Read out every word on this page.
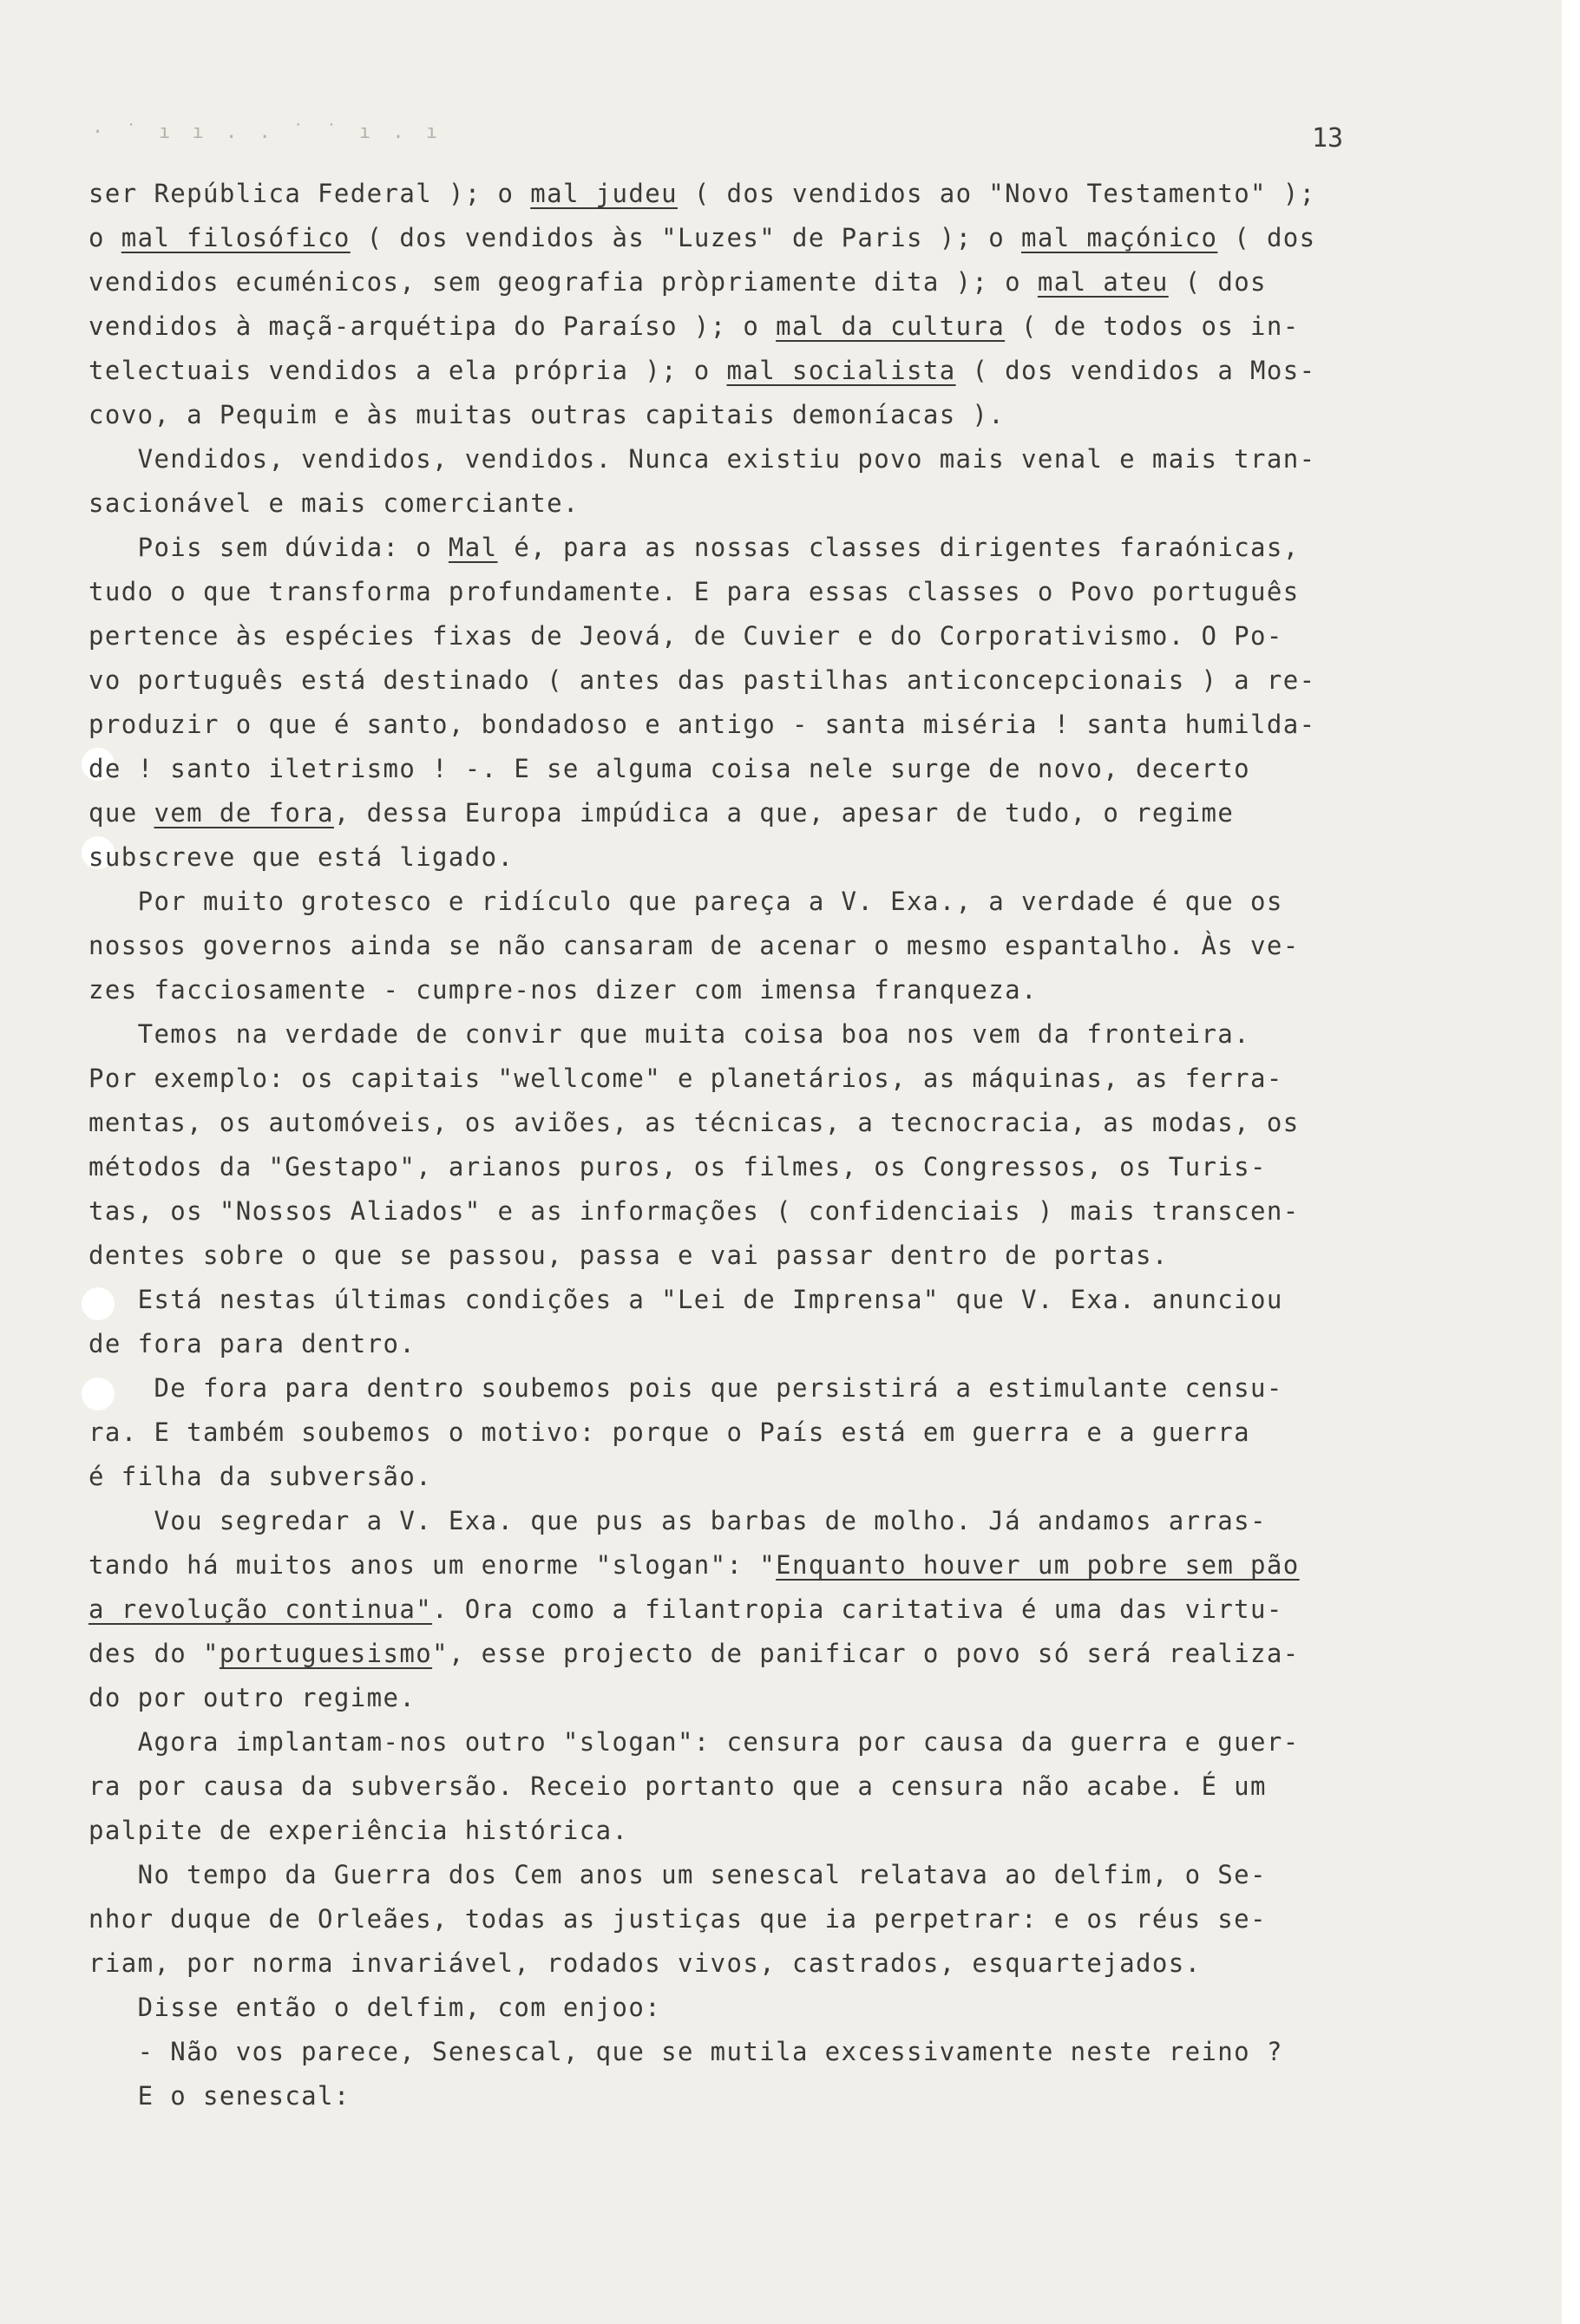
· ˙ ı ı . . ˙ ˙ ı . ı	13
ser República Federal ); o mal judeu ( dos vendidos ao "Novo Testamento" );
o mal filosófico ( dos vendidos às "Luzes" de Paris ); o mal maçónico ( dos
vendidos ecuménicos, sem geografia pròpriamente dita ); o mal ateu ( dos
vendidos à maçã-arquétipa do Paraíso ); o mal da cultura ( de todos os in-
telectuais vendidos a ela própria ); o mal socialista ( dos vendidos a Mos-
covo, a Pequim e às muitas outras capitais demoníacas ).
Vendidos, vendidos, vendidos. Nunca existiu povo mais venal e mais tran-
sacionável e mais comerciante.
Pois sem dúvida: o Mal é, para as nossas classes dirigentes faraónicas,
tudo o que transforma profundamente. E para essas classes o Povo português
pertence às espécies fixas de Jeová, de Cuvier e do Corporativismo. O Po-
vo português está destinado ( antes das pastilhas anticoncepcionais ) a re-
produzir o que é santo, bondadoso e antigo - santa miséria ! santa humilda-
de ! santo iletrismo ! -. E se alguma coisa nele surge de novo, decerto
que vem de fora, dessa Europa impúdica a que, apesar de tudo, o regime
subscreve que está ligado.
Por muito grotesco e ridículo que pareça a V. Exa., a verdade é que os
nossos governos ainda se não cansaram de acenar o mesmo espantalho. Às ve-
zes facciosamente - cumpre-nos dizer com imensa franqueza.
Temos na verdade de convir que muita coisa boa nos vem da fronteira.
Por exemplo: os capitais "wellcome" e planetários, as máquinas, as ferra-
mentas, os automóveis, os aviões, as técnicas, a tecnocracia, as modas, os
métodos da "Gestapo", arianos puros, os filmes, os Congressos, os Turis-
tas, os "Nossos Aliados" e as informações ( confidenciais ) mais transcen-
dentes sobre o que se passou, passa e vai passar dentro de portas.
Está nestas últimas condições a "Lei de Imprensa" que V. Exa. anunciou
de fora para dentro.
De fora para dentro soubemos pois que persistirá a estimulante censu-
ra. E também soubemos o motivo: porque o País está em guerra e a guerra
é filha da subversão.
Vou segredar a V. Exa. que pus as barbas de molho. Já andamos arras-
tando há muitos anos um enorme "slogan": "Enquanto houver um pobre sem pão
a revolução continua". Ora como a filantropia caritativa é uma das virtu-
des do "portuguesismo", esse projecto de panificar o povo só será realiza-
do por outro regime.
Agora implantam-nos outro "slogan": censura por causa da guerra e guer-
ra por causa da subversão. Receio portanto que a censura não acabe. É um
palpite de experiência histórica.
No tempo da Guerra dos Cem anos um senescal relatava ao delfim, o Se-
nhor duque de Orleães, todas as justiças que ia perpetrar: e os réus se-
riam, por norma invariável, rodados vivos, castrados, esquartejados.
Disse então o delfim, com enjoo:
- Não vos parece, Senescal, que se mutila excessivamente neste reino ?
E o senescal:
